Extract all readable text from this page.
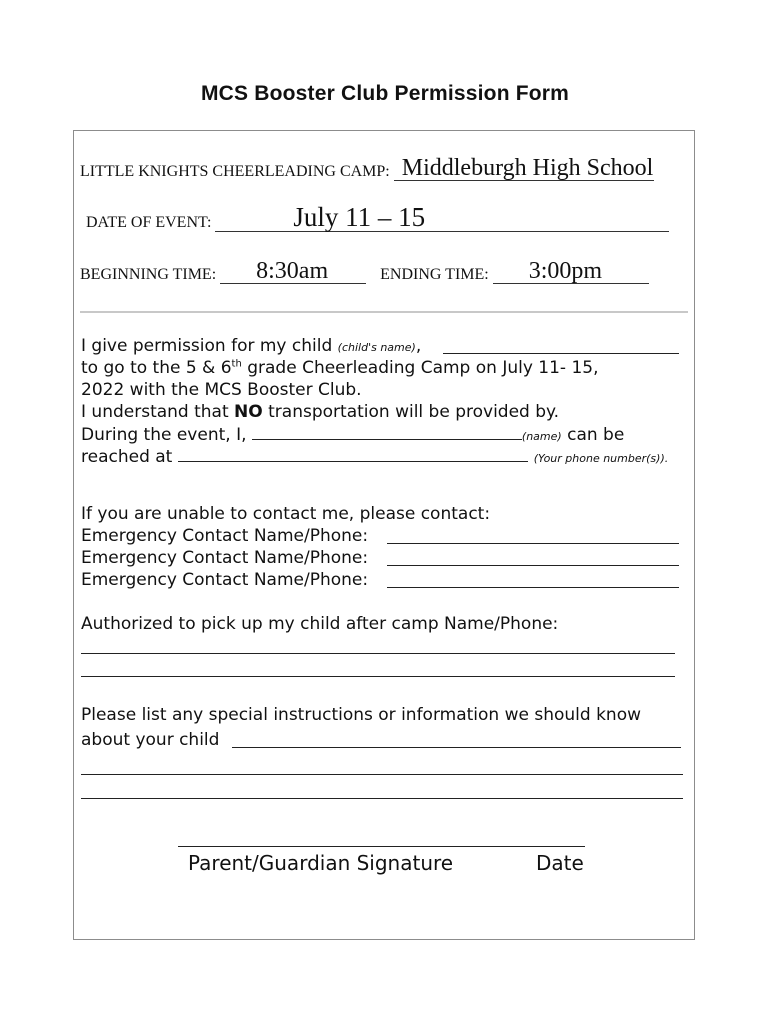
MCS Booster Club Permission Form
LITTLE KNIGHTS CHEERLEADING CAMP: Middleburgh High School
DATE OF EVENT:	July 11 – 15
BEGINNING TIME: 8:30am	ENDING TIME: 3:00pm
I give permission for my child (child's name),
to go to the 5 & 6th grade Cheerleading Camp on July 11- 15,
2022 with the MCS Booster Club.
I understand that NO transportation will be provided by.
During the event, I,	(name) can be
reached at	(Your phone number(s)).
If you are unable to contact me, please contact:
Emergency Contact Name/Phone:
Emergency Contact Name/Phone:
Emergency Contact Name/Phone:
Authorized to pick up my child after camp Name/Phone:
Please list any special instructions or information we should know
about your child
Parent/Guardian Signature	Date
